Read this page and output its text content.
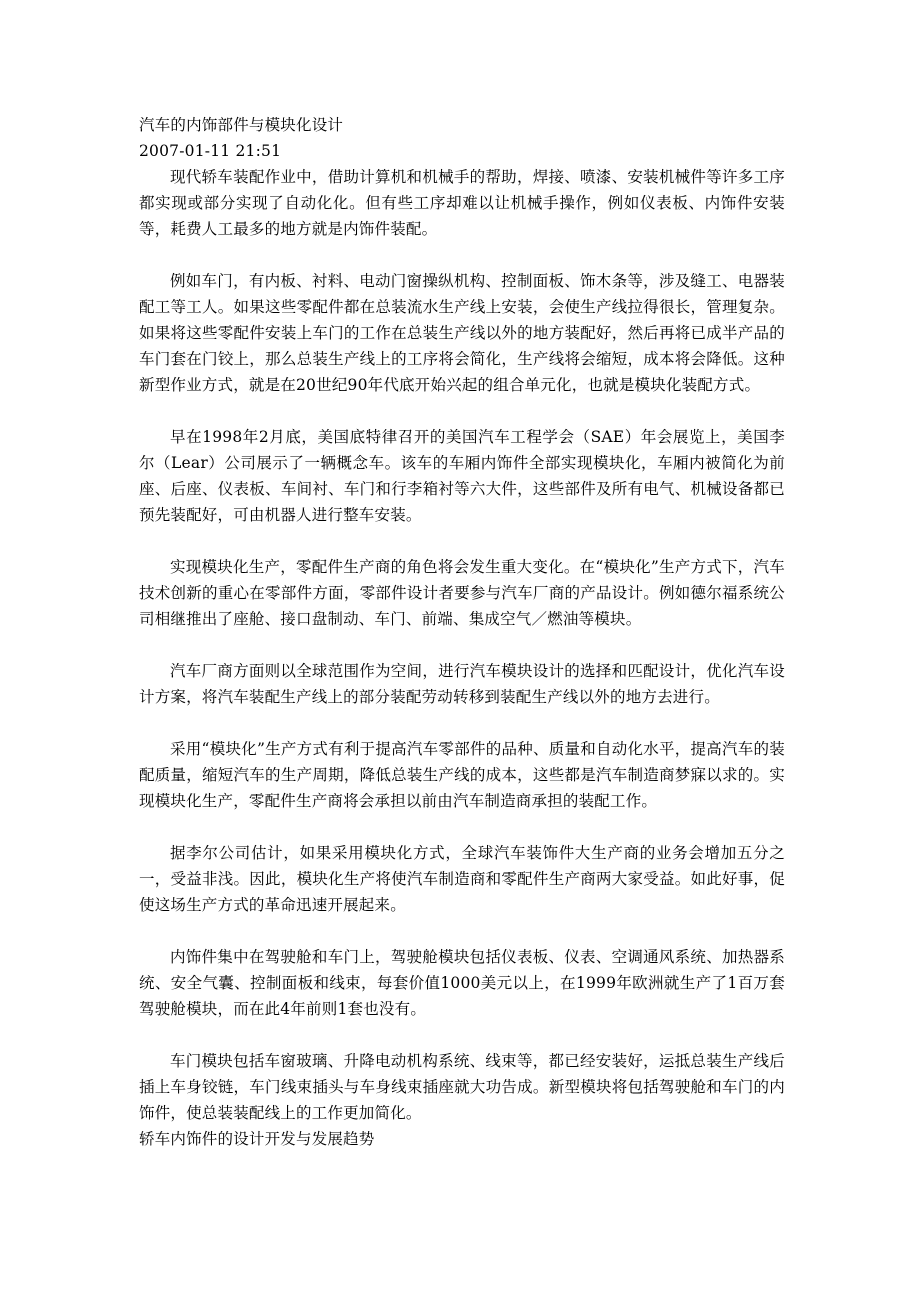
汽车的内饰部件与模块化设计

2007-01-11 21:51

现代轿车装配作业中，借助计算机和机械手的帮助，焊接、喷漆、安装机械件等许多工序都实现或部分实现了自动化化。但有些工序却难以让机械手操作，例如仪表板、内饰件安装等，耗费人工最多的地方就是内饰件装配。

例如车门，有内板、衬料、电动门窗操纵机构、控制面板、饰木条等，涉及缝工、电器装配工等工人。如果这些零配件都在总装流水生产线上安装，会使生产线拉得很长，管理复杂。如果将这些零配件安装上车门的工作在总装生产线以外的地方装配好，然后再将已成半产品的车门套在门铰上，那么总装生产线上的工序将会简化，生产线将会缩短，成本将会降低。这种新型作业方式，就是在20世纪90年代底开始兴起的组合单元化，也就是模块化装配方式。

早在1998年2月底，美国底特律召开的美国汽车工程学会（SAE）年会展览上，美国李尔（Lear）公司展示了一辆概念车。该车的车厢内饰件全部实现模块化，车厢内被简化为前座、后座、仪表板、车间衬、车门和行李箱衬等六大件，这些部件及所有电气、机械设备都已预先装配好，可由机器人进行整车安装。

实现模块化生产，零配件生产商的角色将会发生重大变化。在“模块化”生产方式下，汽车技术创新的重心在零部件方面，零部件设计者要参与汽车厂商的产品设计。例如德尔福系统公司相继推出了座舱、接口盘制动、车门、前端、集成空气／燃油等模块。

汽车厂商方面则以全球范围作为空间，进行汽车模块设计的选择和匹配设计，优化汽车设计方案，将汽车装配生产线上的部分装配劳动转移到装配生产线以外的地方去进行。

采用“模块化”生产方式有利于提高汽车零部件的品种、质量和自动化水平，提高汽车的装配质量，缩短汽车的生产周期，降低总装生产线的成本，这些都是汽车制造商梦寐以求的。实现模块化生产，零配件生产商将会承担以前由汽车制造商承担的装配工作。

据李尔公司估计，如果采用模块化方式，全球汽车装饰件大生产商的业务会增加五分之一，受益非浅。因此，模块化生产将使汽车制造商和零配件生产商两大家受益。如此好事，促使这场生产方式的革命迅速开展起来。

内饰件集中在驾驶舱和车门上，驾驶舱模块包括仪表板、仪表、空调通风系统、加热器系统、安全气囊、控制面板和线束，每套价值1000美元以上，在1999年欧洲就生产了1百万套驾驶舱模块，而在此4年前则1套也没有。

车门模块包括车窗玻璃、升降电动机构系统、线束等，都已经安装好，运抵总装生产线后插上车身铰链，车门线束插头与车身线束插座就大功告成。新型模块将包括驾驶舱和车门的内饰件，使总装装配线上的工作更加简化。

轿车内饰件的设计开发与发展趋势
